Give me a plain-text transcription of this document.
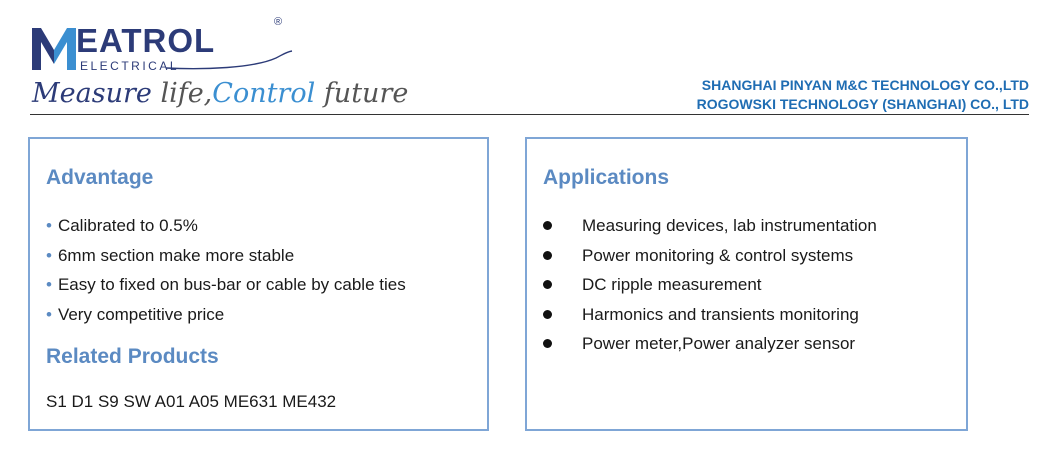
EATROL	®
ELECTRICAL
Measure life,Control future	SHANGHAI PINYAN M&C TECHNOLOGY CO.,LTD
ROGOWSKI TECHNOLOGY (SHANGHAI) CO., LTD
Advantage
• Calibrated to 0.5%
• 6mm section make more stable
• Easy to fixed on bus-bar or cable by cable ties
• Very competitive price
Related Products
S1 D1 S9 SW A01 A05 ME631 ME432
Applications
Measuring devices, lab instrumentation
Power monitoring & control systems
DC ripple measurement
Harmonics and transients monitoring
Power meter,Power analyzer sensor
